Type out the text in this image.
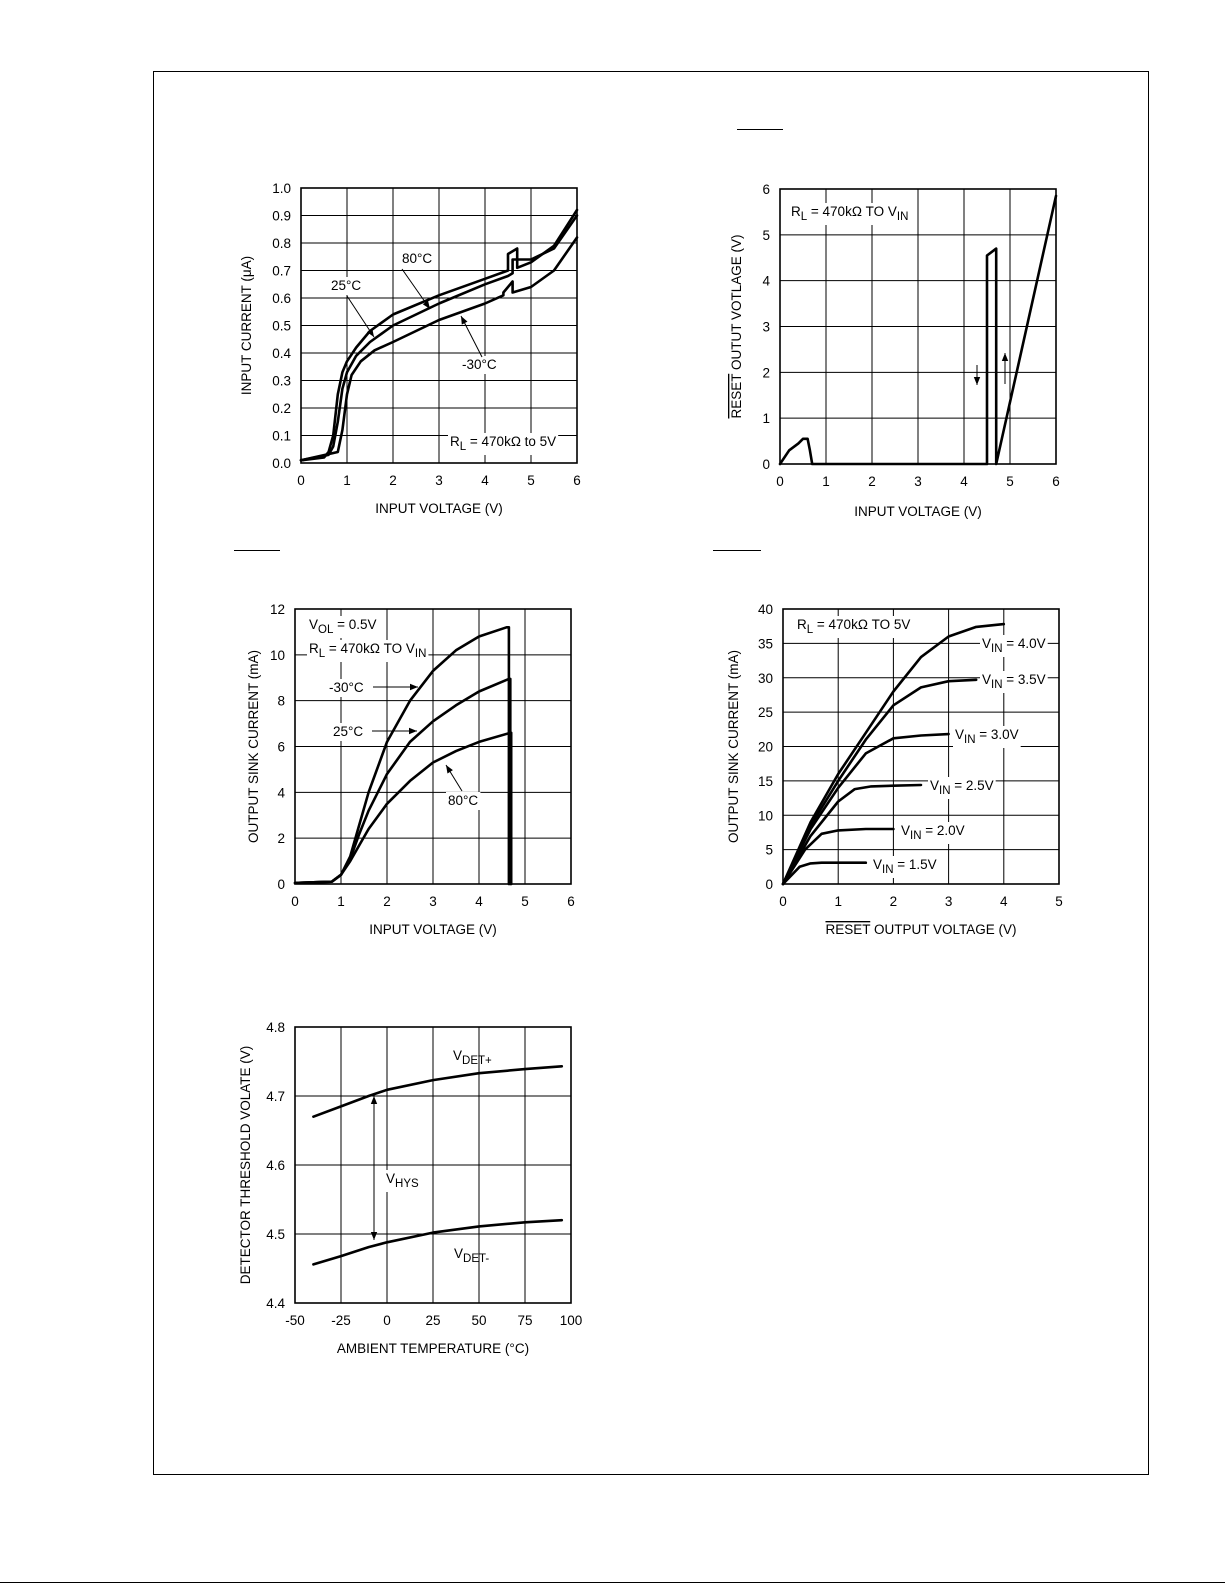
0	1	2	3	4	5	6
0.0
0.1
0.2
0.3
0.4
0.5
0.6
0.7
0.8
0.9
1.0
INPUT VOLTAGE (V)
INPUT CURRENT (μA)	80°C
25°C
-30°C
RL = 470kΩ to 5V
0	1	2	3	4	5	6
0
1
2
3
4
5
6
INPUT VOLTAGE (V)
RESET OUTUT VOTLAGE (V)
RL = 470kΩ TO VIN
0	1	2	3	4	5	6
0
2
4
6
8
10
12
INPUT VOLTAGE (V)
OUTPUT SINK CURRENT (mA)
VOL = 0.5V
RL = 470kΩ TO VIN
-30°C
25°C
80°C
0	1	2	3	4	5
0
5
10
15
20
25
30
35
40
RESET OUTPUT VOLTAGE (V)
OUTPUT SINK CURRENT (mA)
RL = 470kΩ TO 5V
VIN = 4.0V
VIN = 3.5V
VIN = 3.0V
VIN = 2.5V
VIN = 2.0V
VIN = 1.5V
-50 -25 0	25 50 75 100
4.4
4.5
4.6
4.7
4.8
AMBIENT TEMPERATURE (°C)
DETECTOR THRESHOLD VOLATE (V)	VDET+
VDET-
VHYS
